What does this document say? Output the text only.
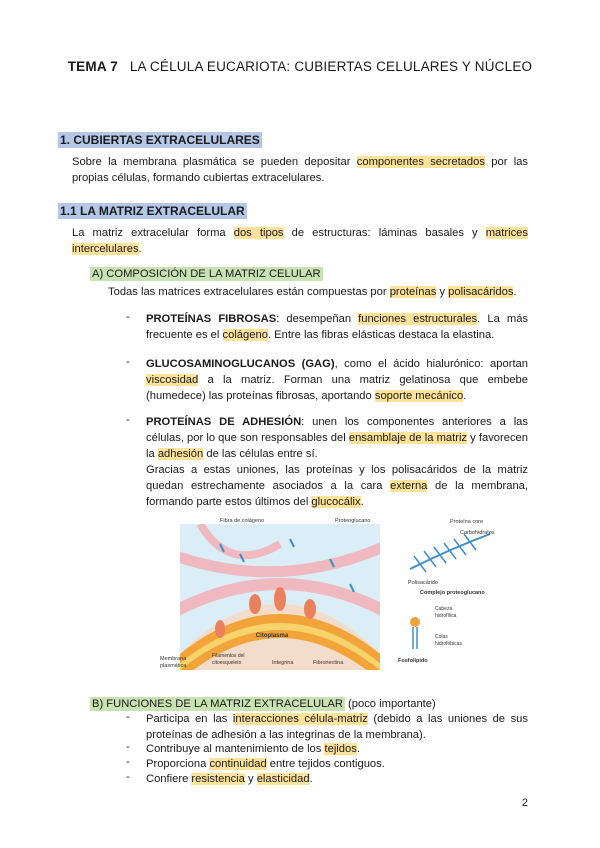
TEMA 7 LA CÉLULA EUCARIOTA: CUBIERTAS CELULARES Y NÚCLEO
1. CUBIERTAS EXTRACELULARES
Sobre la membrana plasmática se pueden depositar componentes secretados por las propias células, formando cubiertas extracelulares.
1.1 LA MATRIZ EXTRACELULAR
La matriz extracelular forma dos tipos de estructuras: láminas basales y matrices intercelulares.
A) COMPOSICIÓN DE LA MATRIZ CELULAR
Todas las matrices extracelulares están compuestas por proteínas y polisacáridos.
- PROTEÍNAS FIBROSAS: desempeñan funciones estructurales. La más frecuente es el colágeno. Entre las fibras elásticas destaca la elastina.
- GLUCOSAMINOGLUCANOS (GAG), como el ácido hialurónico: aportan viscosidad a la matriz. Forman una matriz gelatinosa que embebe (humedece) las proteínas fibrosas, aportando soporte mecánico.
- PROTEÍNAS DE ADHESIÓN: unen los componentes anteriores a las células, por lo que son responsables del ensamblaje de la matriz y favorecen la adhesión de las células entre sí.
Gracias a estas uniones, las proteínas y los polisacáridos de la matriz quedan estrechamente asociados a la cara externa de la membrana, formando parte estos últimos del glucocálix.
Citoplasma
Fibra de colágeno	Proteoglucano
Membrana
plasmática
Filamentos del
citoesqueleto	Integrina	Fibronectina
Proteína core
Carbohidratos
Polisacárido
Complejo proteoglucano
Cabeza
hidrofílica
Colas
hidrofóbicas
Fosfolípido
B) FUNCIONES DE LA MATRIZ EXTRACELULAR (poco importante)
- Participa en las interacciones célula-matriz (debido a las uniones de sus proteínas de adhesión a las integrinas de la membrana).
- Contribuye al mantenimiento de los tejidos.
- Proporciona continuidad entre tejidos contiguos.
- Confiere resistencia y elasticidad.
2
